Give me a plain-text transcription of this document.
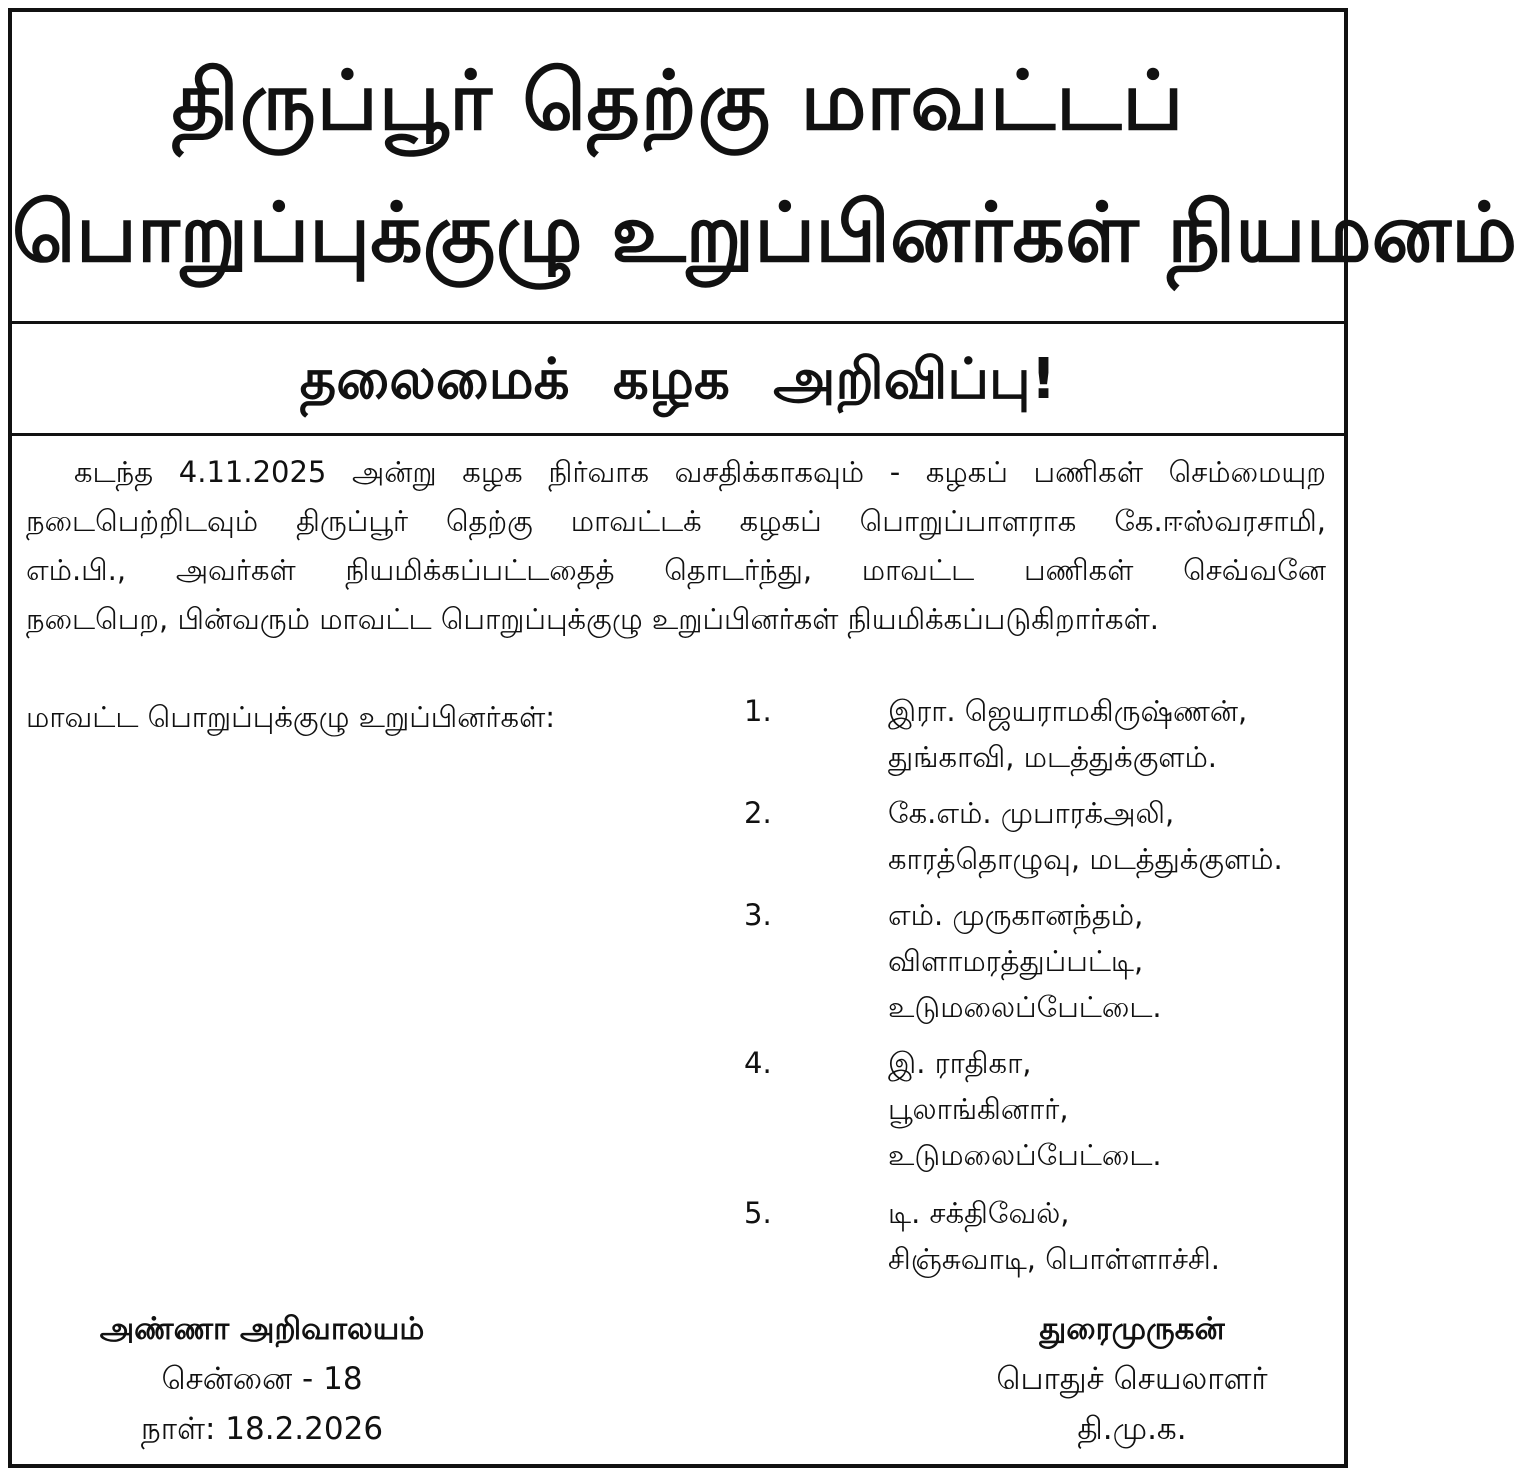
திருப்பூர் தெற்கு மாவட்டப்
பொறுப்புக்குழு உறுப்பினர்கள் நியமனம்
தலைமைக் கழக அறிவிப்பு!
கடந்த 4.11.2025 அன்று கழக நிர்வாக வசதிக்காகவும் - கழகப் பணிகள் செம்மையுற
நடைபெற்றிடவும் திருப்பூர் தெற்கு மாவட்டக் கழகப் பொறுப்பாளராக கே.ஈஸ்வரசாமி,
எம்.பி., அவர்கள் நியமிக்கப்பட்டதைத் தொடர்ந்து, மாவட்ட பணிகள் செவ்வனே
நடைபெற, பின்வரும் மாவட்ட பொறுப்புக்குழு உறுப்பினர்கள் நியமிக்கப்படுகிறார்கள்.
மாவட்ட பொறுப்புக்குழு உறுப்பினர்கள்:	1.	இரா. ஜெயராமகிருஷ்ணன்,
துங்காவி, மடத்துக்குளம்.
2.	கே.எம். முபாரக்அலி,
காரத்தொழுவு, மடத்துக்குளம்.
3.	எம். முருகானந்தம்,
விளாமரத்துப்பட்டி,
உடுமலைப்பேட்டை.
4.	இ. ராதிகா,
பூலாங்கினார்,
உடுமலைப்பேட்டை.
5.	டி. சக்திவேல்,
சிஞ்சுவாடி, பொள்ளாச்சி.
அண்ணா அறிவாலயம்
சென்னை - 18
நாள்: 18.2.2026
துரைமுருகன்
பொதுச் செயலாளர்
தி.மு.க.
